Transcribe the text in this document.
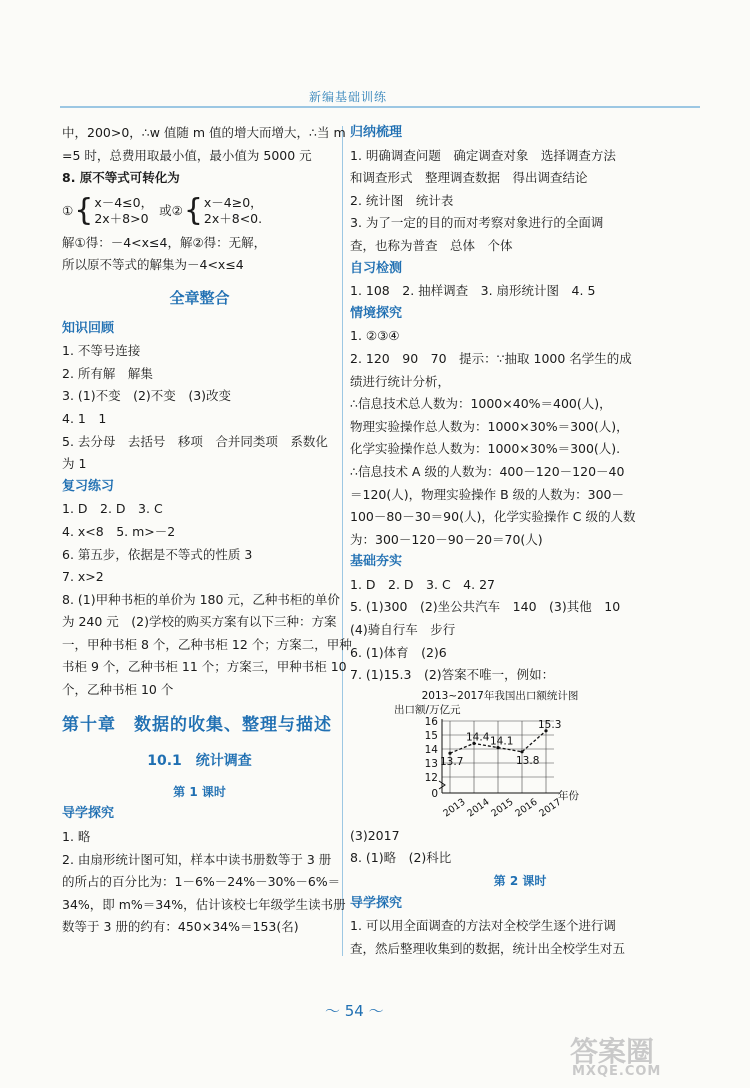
新编基础训练
中，200>0，∴w 值随 m 值的增大而增大，∴当 m
=5 时，总费用取最小值，最小值为 5000 元
8. 原不等式可转化为
① { x－4≤0，
2x＋8>0
或② { x－4≥0，
2x＋8<0.
解①得：－4<x≤4，解②得：无解，
所以原不等式的解集为－4<x≤4
全章整合
知识回顾
1. 不等号连接
2. 所有解　解集
3. (1)不变　(2)不变　(3)改变
4. 1　1
5. 去分母　去括号　移项　合并同类项　系数化
为 1
复习练习
1. D　2. D　3. C
4. x<8　5. m>－2
6. 第五步，依据是不等式的性质 3
7. x>2
8. (1)甲种书柜的单价为 180 元，乙种书柜的单价
为 240 元　(2)学校的购买方案有以下三种：方案
一，甲种书柜 8 个，乙种书柜 12 个；方案二，甲种
书柜 9 个，乙种书柜 11 个；方案三，甲种书柜 10
个，乙种书柜 10 个
第十章　数据的收集、整理与描述
10.1　统计调查
第 1 课时
导学探究
1. 略
2. 由扇形统计图可知，样本中读书册数等于 3 册
的所占的百分比为：1－6%－24%－30%－6%＝
34%，即 m%＝34%，估计该校七年级学生读书册
数等于 3 册的约有：450×34%＝153(名)
归纳梳理
1. 明确调查问题　确定调查对象　选择调查方法
和调查形式　整理调查数据　得出调查结论
2. 统计图　统计表
3. 为了一定的目的而对考察对象进行的全面调
查，也称为普查　总体　个体
自习检测
1. 108　2. 抽样调查　3. 扇形统计图　4. 5
情境探究
1. ②③④
2. 120　90　70　提示：∵抽取 1000 名学生的成
绩进行统计分析，
∴信息技术总人数为：1000×40%＝400(人)，
物理实验操作总人数为：1000×30%＝300(人)，
化学实验操作总人数为：1000×30%＝300(人).
∴信息技术 A 级的人数为：400－120－120－40
＝120(人)，物理实验操作 B 级的人数为：300－
100－80－30＝90(人)，化学实验操作 C 级的人数
为：300－120－90－20＝70(人)
基础夯实
1. D　2. D　3. C　4. 27
5. (1)300　(2)坐公共汽车　140　(3)其他　10
(4)骑自行车　步行
6. (1)体育　(2)6
7. (1)15.3　(2)答案不唯一，例如：
2013~2017年我国出口额统计图
出口额/万亿元
年份
0
12
13
14
15
16
2013
2014
2015
2016
2017
13.7
14.4 14.1
13.8
15.3
(3)2017
8. (1)略　(2)科比
第 2 课时
导学探究
1. 可以用全面调查的方法对全校学生逐个进行调
查，然后整理收集到的数据，统计出全校学生对五
～ 54 ～
答案圈
MXQE.COM
